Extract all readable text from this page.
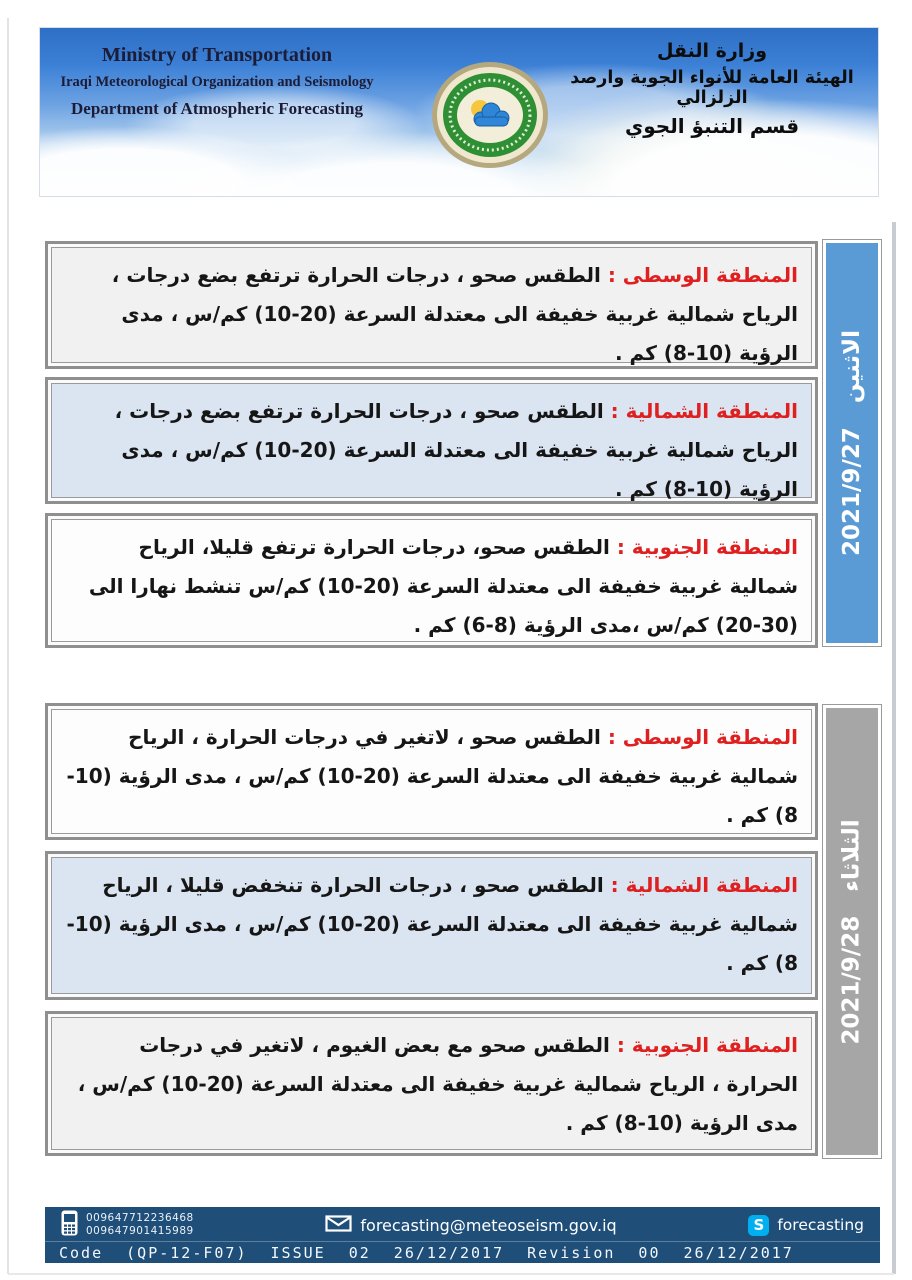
Ministry of Transportation
Iraqi Meteorological Organization and Seismology
Department of Atmospheric Forecasting
وزارة النقل
الهيئة العامة للأنواء الجوية وارصد الزلزالي
قسم التنبؤ الجوي
المنطقة الوسطى : الطقس صحو ، درجات الحرارة ترتفع بضع درجات ، الرياح شمالية غربية خفيفة الى معتدلة السرعة (20-10) كم/س ، مدى الرؤية (10-8) كم .
المنطقة الشمالية : الطقس صحو ، درجات الحرارة ترتفع بضع درجات ، الرياح شمالية غربية خفيفة الى معتدلة السرعة (20-10) كم/س ، مدى الرؤية (10-8) كم .
المنطقة الجنوبية : الطقس صحو، درجات الحرارة ترتفع قليلا، الرياح شمالية غربية خفيفة الى معتدلة السرعة (20-10) كم/س تنشط نهارا الى (30-20) كم/س ،مدى الرؤية (8-6) كم .
الاثنين2021/9/27
المنطقة الوسطى : الطقس صحو ، لاتغير في درجات الحرارة ، الرياح شمالية غربية خفيفة الى معتدلة السرعة (20-10) كم/س ، مدى الرؤية (10-8) كم .
المنطقة الشمالية : الطقس صحو ، درجات الحرارة تنخفض قليلا ، الرياح شمالية غربية خفيفة الى معتدلة السرعة (20-10) كم/س ، مدى الرؤية (10-8) كم .
المنطقة الجنوبية : الطقس صحو مع بعض الغيوم ، لاتغير في درجات الحرارة ، الرياح شمالية غربية خفيفة الى معتدلة السرعة (20-10) كم/س ، مدى الرؤية (10-8) كم .
الثلاثاء2021/9/28
009647712236468
009647901415989	forecasting@meteoseism.gov.iq	S forecasting
Code (QP-12-F07) ISSUE 02 26/12/2017 Revision 00 26/12/2017
